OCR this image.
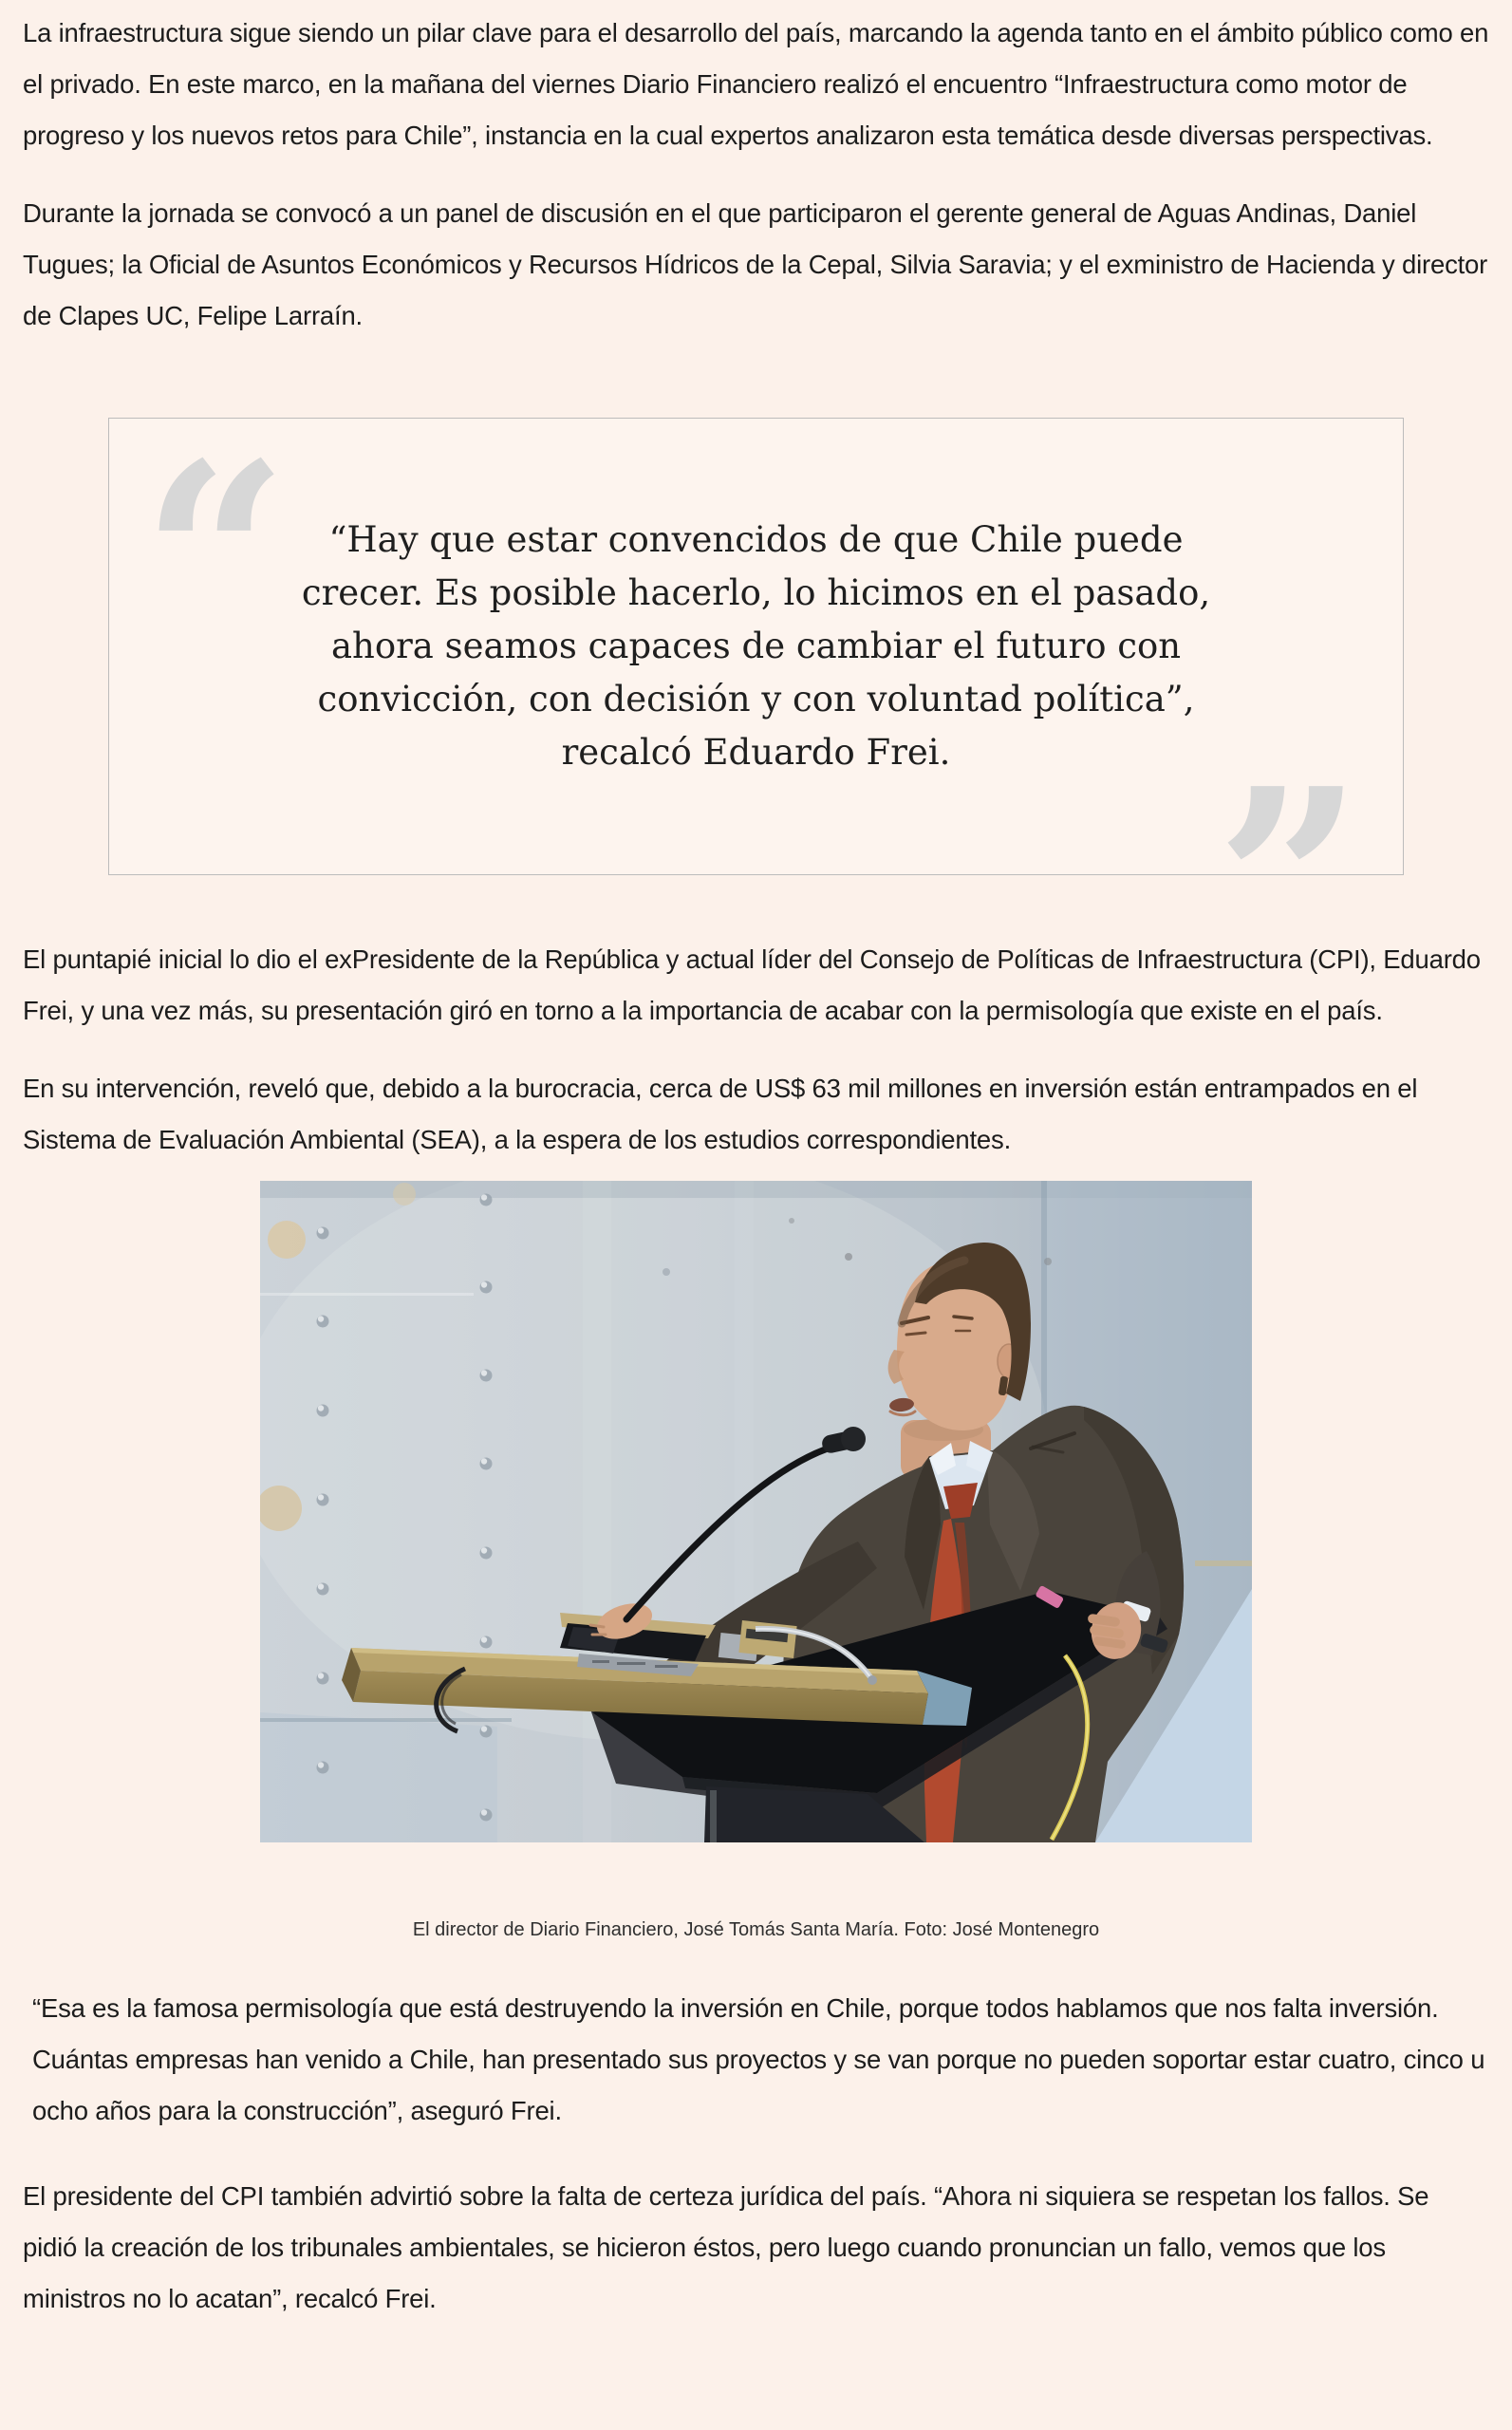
La infraestructura sigue siendo un pilar clave para el desarrollo del país, marcando la agenda tanto en el ámbito público como en el privado. En este marco, en la mañana del viernes Diario Financiero realizó el encuentro “Infraestructura como motor de progreso y los nuevos retos para Chile”, instancia en la cual expertos analizaron esta temática desde diversas perspectivas.

Durante la jornada se convocó a un panel de discusión en el que participaron el gerente general de Aguas Andinas, Daniel Tugues; la Oficial de Asuntos Económicos y Recursos Hídricos de la Cepal, Silvia Saravia; y el exministro de Hacienda y director de Clapes UC, Felipe Larraín.

“	“Hay que estar convencidos de que Chile puede crecer. Es posible hacerlo, lo hicimos en el pasado, ahora seamos capaces de cambiar el futuro con convicción, con decisión y con voluntad política”, recalcó Eduardo Frei.	”

El puntapié inicial lo dio el exPresidente de la República y actual líder del Consejo de Políticas de Infraestructura (CPI), Eduardo Frei, y una vez más, su presentación giró en torno a la importancia de acabar con la permisología que existe en el país.

En su intervención, reveló que, debido a la burocracia, cerca de US$ 63 mil millones en inversión están entrampados en el Sistema de Evaluación Ambiental (SEA), a la espera de los estudios correspondientes.

El director de Diario Financiero, José Tomás Santa María. Foto: José Montenegro

“Esa es la famosa permisología que está destruyendo la inversión en Chile, porque todos hablamos que nos falta inversión. Cuántas empresas han venido a Chile, han presentado sus proyectos y se van porque no pueden soportar estar cuatro, cinco u ocho años para la construcción”, aseguró Frei.

El presidente del CPI también advirtió sobre la falta de certeza jurídica del país. “Ahora ni siquiera se respetan los fallos. Se pidió la creación de los tribunales ambientales, se hicieron éstos, pero luego cuando pronuncian un fallo, vemos que los ministros no lo acatan”, recalcó Frei.
